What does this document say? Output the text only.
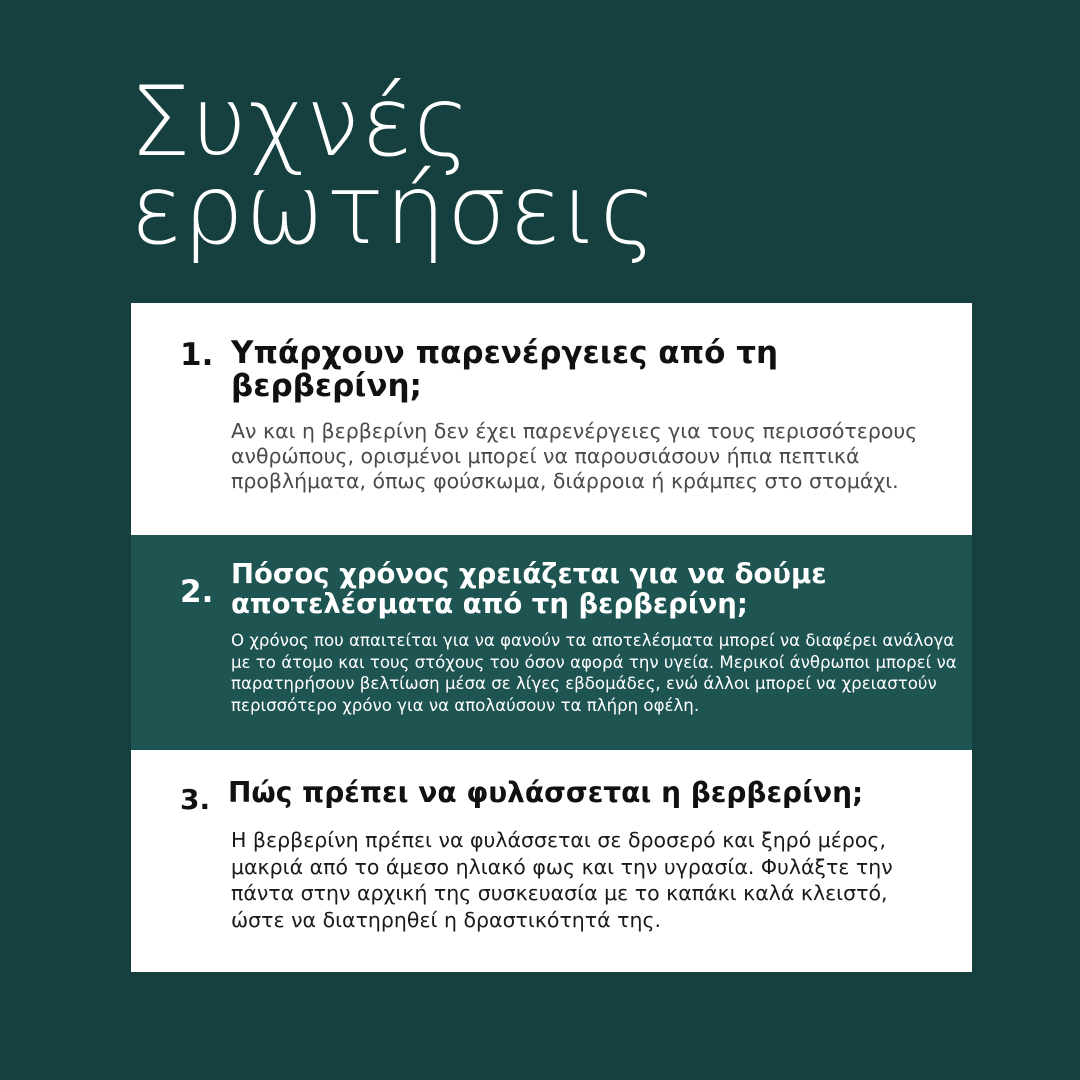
Συχνές
ερωτήσεις
1. Υπάρχουν παρενέργειες από τη βερβερίνη;

Αν και η βερβερίνη δεν έχει παρενέργειες για τους περισσότερους ανθρώπους, ορισμένοι μπορεί να παρουσιάσουν ήπια πεπτικά προβλήματα, όπως φούσκωμα, διάρροια ή κράμπες στο στομάχι.

2. Πόσος χρόνος χρειάζεται για να δούμε αποτελέσματα από τη βερβερίνη;

Ο χρόνος που απαιτείται για να φανούν τα αποτελέσματα μπορεί να διαφέρει ανάλογα με το άτομο και τους στόχους του όσον αφορά την υγεία. Μερικοί άνθρωποι μπορεί να παρατηρήσουν βελτίωση μέσα σε λίγες εβδομάδες, ενώ άλλοι μπορεί να χρειαστούν περισσότερο χρόνο για να απολαύσουν τα πλήρη οφέλη.

3. Πώς πρέπει να φυλάσσεται η βερβερίνη;

Η βερβερίνη πρέπει να φυλάσσεται σε δροσερό και ξηρό μέρος, μακριά από το άμεσο ηλιακό φως και την υγρασία. Φυλάξτε την πάντα στην αρχική της συσκευασία με το καπάκι καλά κλειστό, ώστε να διατηρηθεί η δραστικότητά της.
